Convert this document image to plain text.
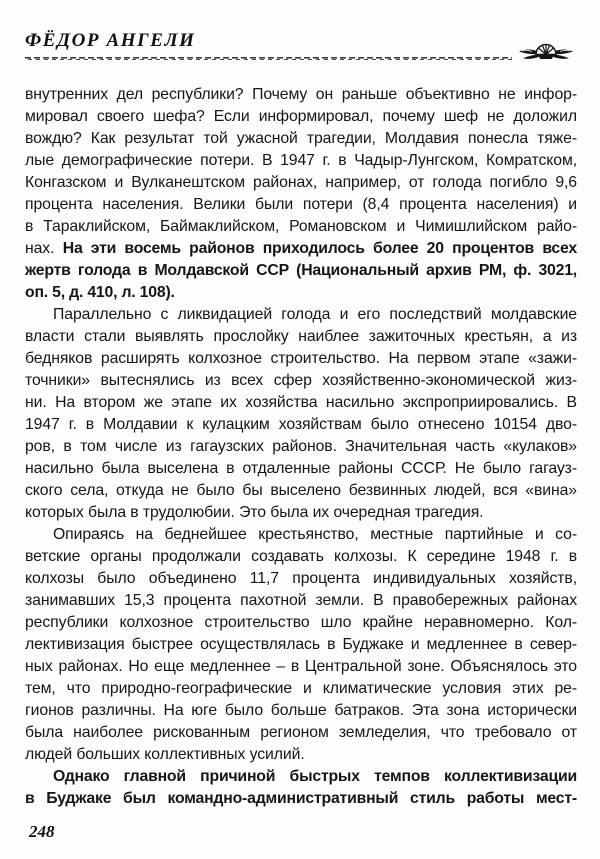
ФЁДОР АНГЕЛИ
внутренних дел республики? Почему он раньше объективно не инфор-
мировал своего шефа? Если информировал, почему шеф не доложил
вождю? Как результат той ужасной трагедии, Молдавия понесла тяже-
лые демографические потери. В 1947 г. в Чадыр-Лунгском, Комратском,
Конгазском и Вулканештском районах, например, от голода погибло 9,6
процента населения. Велики были потери (8,4 процента населения) и
в Тараклийском, Баймаклийском, Романовском и Чимишлийском райо-
нах. На эти восемь районов приходилось более 20 процентов всех
жертв голода в Молдавской ССР (Национальный архив РМ, ф. 3021,
оп. 5, д. 410, л. 108).
Параллельно с ликвидацией голода и его последствий молдавские
власти стали выявлять прослойку наиблее зажиточных крестьян, а из
бедняков расширять колхозное строительство. На первом этапе «зажи-
точники» вытеснялись из всех сфер хозяйственно-экономической жиз-
ни. На втором же этапе их хозяйства насильно экспроприировались. В
1947 г. в Молдавии к кулацким хозяйствам было отнесено 10154 дво-
ров, в том числе из гагаузских районов. Значительная часть «кулаков»
насильно была выселена в отдаленные районы СССР. Не было гагауз-
ского села, откуда не было бы выселено безвинных людей, вся «вина»
которых была в трудолюбии. Это была их очередная трагедия.
Опираясь на беднейшее крестьянство, местные партийные и со-
ветские органы продолжали создавать колхозы. К середине 1948 г. в
колхозы было объединено 11,7 процента индивидуальных хозяйств,
занимавших 15,3 процента пахотной земли. В правобережных районах
республики колхозное строительство шло крайне неравномерно. Кол-
лективизация быстрее осуществлялась в Буджаке и медленнее в север-
ных районах. Но еще медленнее – в Центральной зоне. Объяснялось это
тем, что природно-географические и климатические условия этих ре-
гионов различны. На юге было больше батраков. Эта зона исторически
была наиболее рискованным регионом земледелия, что требовало от
людей больших коллективных усилий.
Однако главной причиной быстрых темпов коллективизации
в Буджаке был командно-административный стиль работы мест-
248
